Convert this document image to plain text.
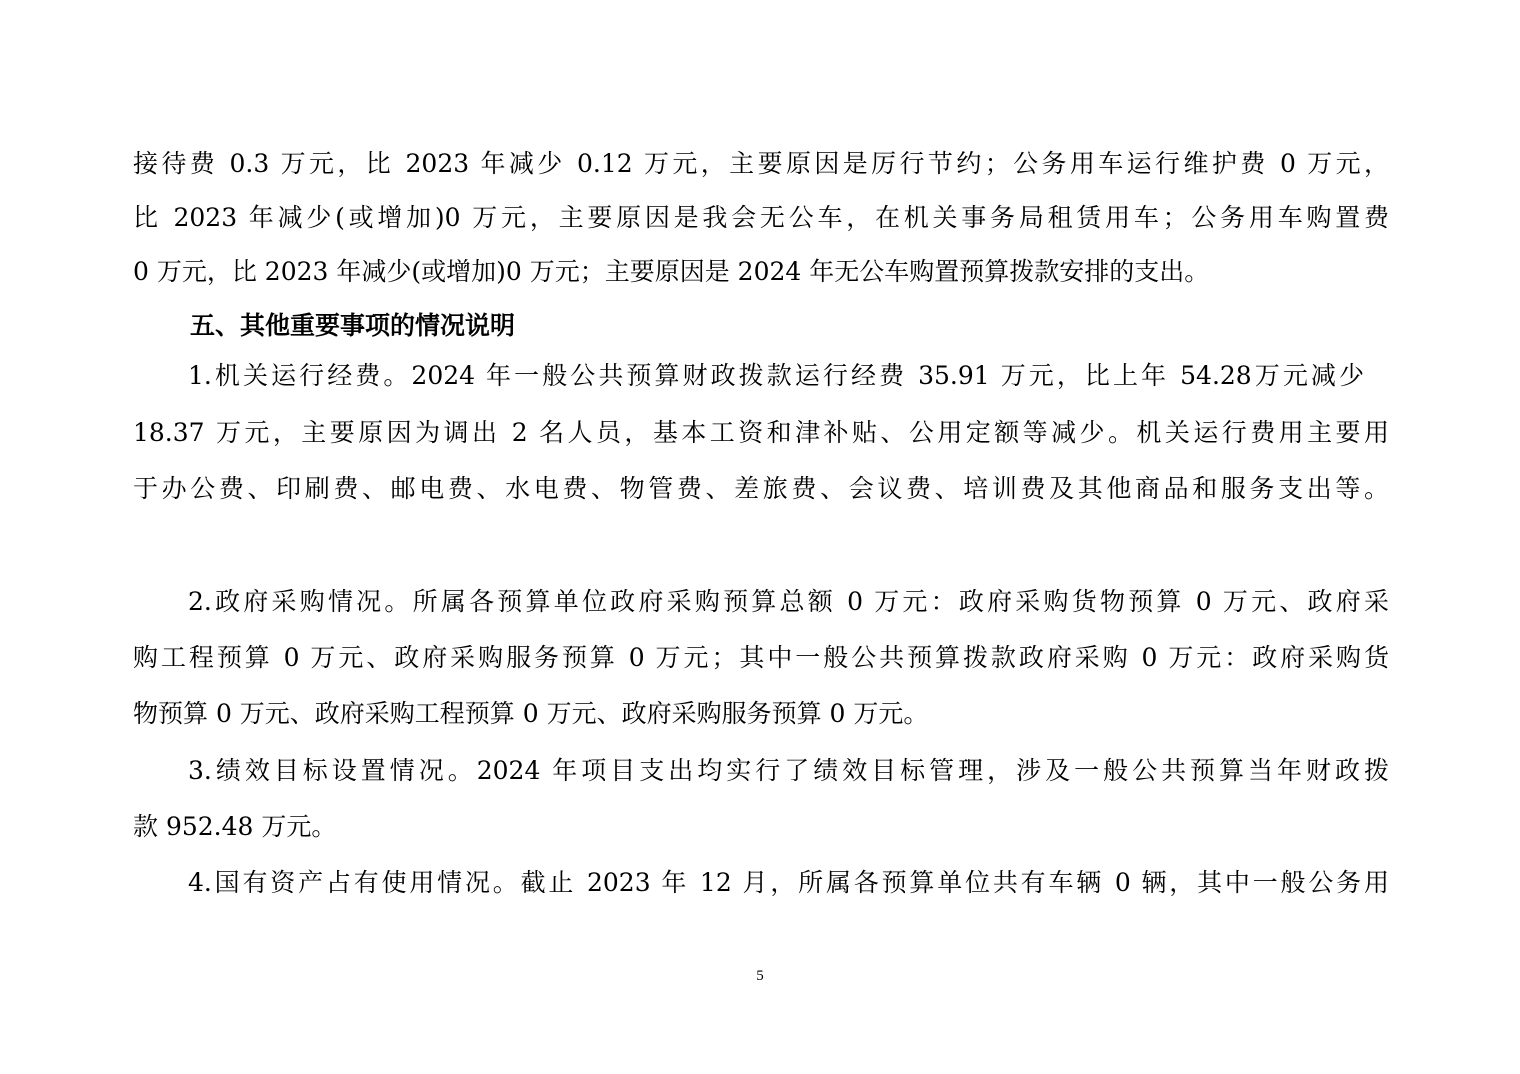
接待费 0.3 万元，比 2023 年减少 0.12 万元，主要原因是厉行节约；公务用车运行维护费 0 万元，
比 2023 年减少(或增加)0 万元，主要原因是我会无公车，在机关事务局租赁用车；公务用车购置费
0 万元，比 2023 年减少(或增加)0 万元；主要原因是 2024 年无公车购置预算拨款安排的支出。
五、其他重要事项的情况说明
1.机关运行经费。2024 年一般公共预算财政拨款运行经费 35.91 万元，比上年 54.28万元减少
18.37 万元，主要原因为调出 2 名人员，基本工资和津补贴、公用定额等减少。机关运行费用主要用
于办公费、印刷费、邮电费、水电费、物管费、差旅费、会议费、培训费及其他商品和服务支出等。
2.政府采购情况。所属各预算单位政府采购预算总额 0 万元：政府采购货物预算 0 万元、政府采
购工程预算 0 万元、政府采购服务预算 0 万元；其中一般公共预算拨款政府采购 0 万元：政府采购货
物预算 0 万元、政府采购工程预算 0 万元、政府采购服务预算 0 万元。
3.绩效目标设置情况。2024 年项目支出均实行了绩效目标管理，涉及一般公共预算当年财政拨
款 952.48 万元。
4.国有资产占有使用情况。截止 2023 年 12 月，所属各预算单位共有车辆 0 辆，其中一般公务用
5
